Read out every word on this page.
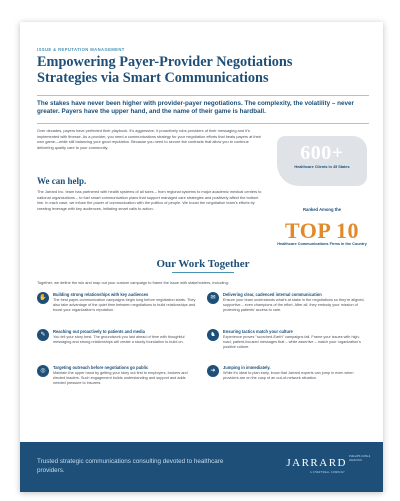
ISSUE & REPUTATION MANAGEMENT
Empowering Payer-Provider Negotiations Strategies via Smart Communications
The stakes have never been higher with provider-payer negotiations. The complexity, the volatility – never greater. Payers have the upper hand, and the name of their game is hardball.
Over decades, payers have perfected their playbook. It's aggressive, it proactively robs providers of their messaging and it's implemented with finesse. As a provider, you need a communications strategy for your negotiation efforts that beats payers at their own game—while still balancing your good reputation. Because you need to secure fair contracts that allow you to continue delivering quality care to your community.
We can help.
The Jarrard Inc. team has partnered with health systems of all sizes – from regional systems to major academic medical centers to national organizations – to fuel smart communication plans that support managed care strategies and positively affect the bottom line. In each case, we infuse the power of communication with the politics of people. We boost the negotiation team's efforts by creating leverage with key audiences, initiating smart calls to action.
600+
Healthcare Clients In 45 States
Ranked Among the
TOP 10
Healthcare Communications Firms in the Country
Our Work Together
Together, we define the win and map out your custom campaign to frame the issue with stakeholders, including:
✋
Building strong relationships with key audiences
The best payer-communication campaigns begin long before negotiation starts. They also take advantage of the quiet time between negotiations to build relationships and boost your organization's reputation.
✎
Reaching out proactively to patients and media
You tell your story best. The groundwork you laid ahead of time with thoughtful messaging and strong relationships will create a sturdy foundation to build on.
◎
Targeting outreach before negotiations go public
Maintain the upper hand by getting your story out first to employers, brokers and elected leaders. Such engagement builds understanding and support and adds needed pressure to insurers.
✉
Delivering clear, cadenced internal communication
Ensure your team understands what's at stake in the negotiations so they're aligned, supportive – even champions of the effort. After all, they embody your mission of protecting patients' access to care.
♞
Ensuring tactics match your culture
Experience proves "scorched-Earth" campaigns fail. Frame your issues with high-road, patient-focused messages that – while assertive – match your organization's positive culture.
➜
Jumping in immediately.
While it's ideal to plan early, know that Jarrard experts can jump in even when providers are on the cusp of an out-of-network situation.
Trusted strategic communications consulting devoted to healthcare providers.
JARRARD
PHILLIPS CATE & HANCOCK
A CHARTWELL COMPANY
